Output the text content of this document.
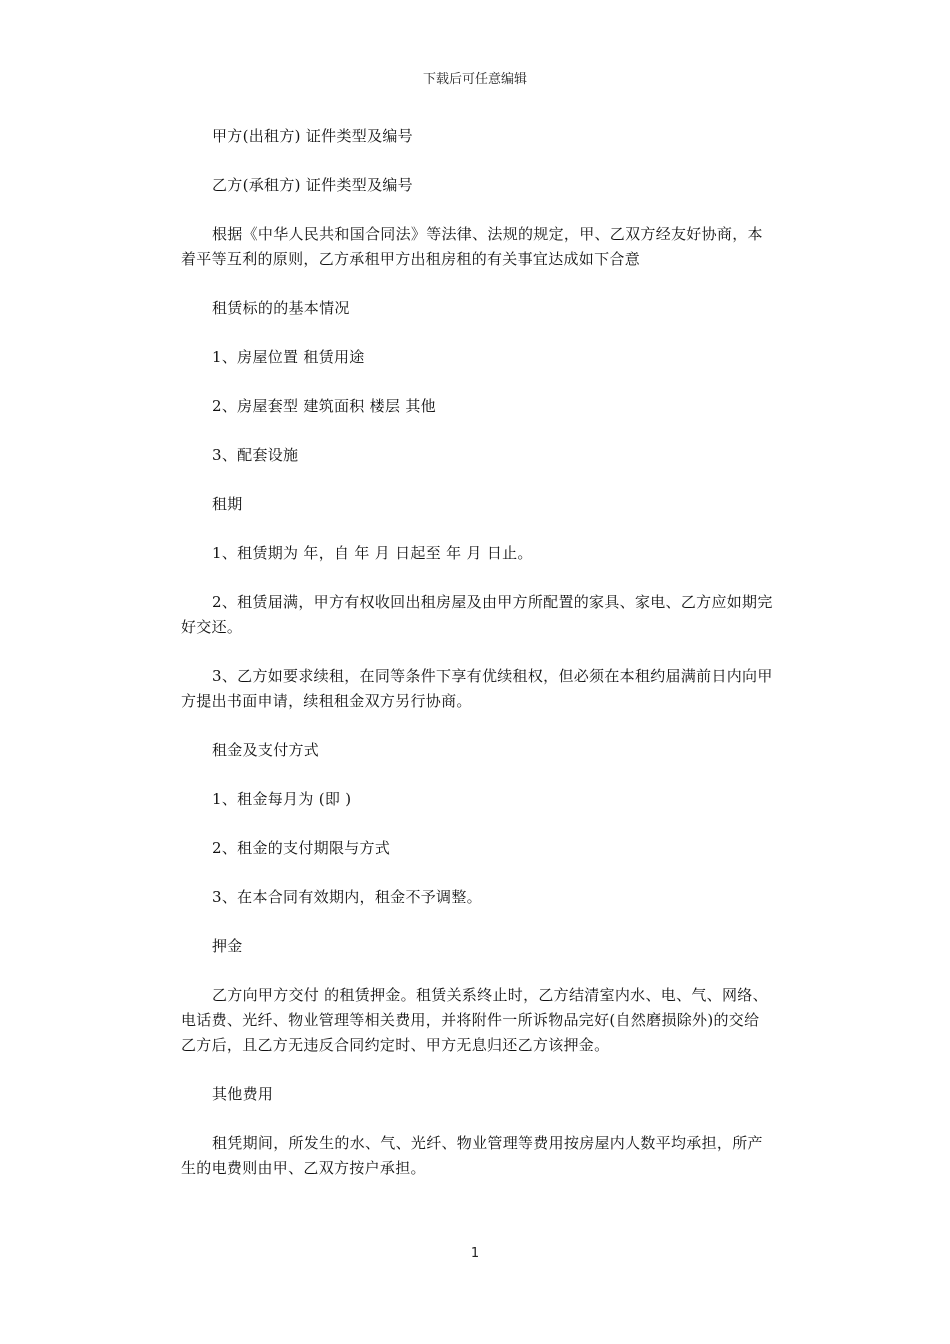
下载后可任意编辑

甲方(出租方) 证件类型及编号

乙方(承租方) 证件类型及编号

根据《中华人民共和国合同法》等法律、法规的规定，甲、乙双方经友好协商，本着平等互利的原则，乙方承租甲方出租房租的有关事宜达成如下合意

租赁标的的基本情况

1、房屋位置 租赁用途

2、房屋套型 建筑面积 楼层 其他

3、配套设施

租期

1、租赁期为 年，自 年 月 日起至 年 月 日止。

2、租赁届满，甲方有权收回出租房屋及由甲方所配置的家具、家电、乙方应如期完好交还。

3、乙方如要求续租，在同等条件下享有优续租权，但必须在本租约届满前日内向甲方提出书面申请，续租租金双方另行协商。

租金及支付方式

1、租金每月为 (即 )

2、租金的支付期限与方式

3、在本合同有效期内，租金不予调整。

押金

乙方向甲方交付 的租赁押金。租赁关系终止时，乙方结清室内水、电、气、网络、电话费、光纤、物业管理等相关费用，并将附件一所诉物品完好(自然磨损除外)的交给乙方后，且乙方无违反合同约定时、甲方无息归还乙方该押金。

其他费用

租凭期间，所发生的水、气、光纤、物业管理等费用按房屋内人数平均承担，所产生的电费则由甲、乙双方按户承担。

1
